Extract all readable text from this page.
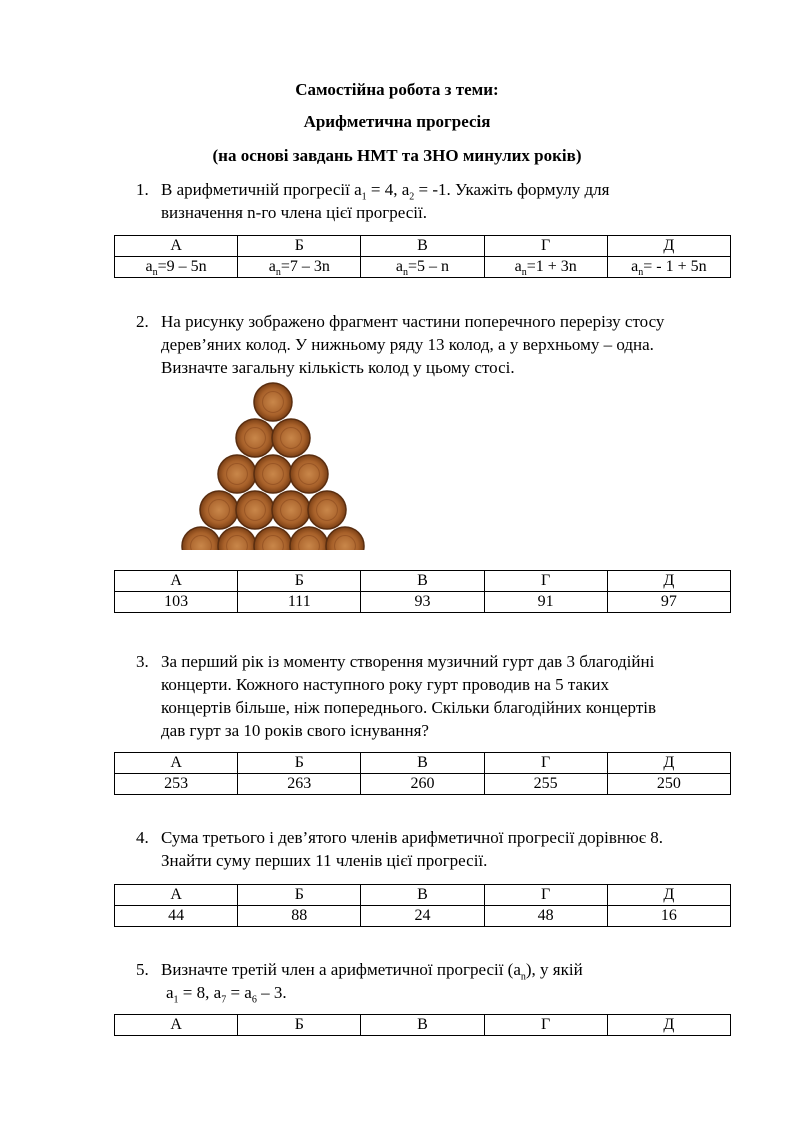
Самостійна робота з теми:
Арифметична прогресія
(на основі завдань НМТ та ЗНО минулих років)
1. В арифметичній прогресії $a_1 = 4$, $a_2 = -1$. Укажіть формулу для
визначення n-го члена цієї прогресії.
А	Б	В	Г	Д
$a_n=9 - 5n$	$a_n=7 - 3n$	$a_n=5 - n$	$a_n=1 + 3n$	$a_n= - 1 + 5n$
2. На рисунку зображено фрагмент частини поперечного перерізу стосу
дерев’яних колод. У нижньому ряду 13 колод, а у верхньому – одна.
Визначте загальну кількість колод у цьому стосі.
А	Б	В	Г	Д
103	111	93	91	97
3. За перший рік із моменту створення музичний гурт дав 3 благодійні
концерти. Кожного наступного року гурт проводив на 5 таких
концертів більше, ніж попереднього. Скільки благодійних концертів
дав гурт за 10 років свого існування?
А	Б	В	Г	Д
253	263	260	255	250
4. Сума третього і дев’ятого членів арифметичної прогресії дорівнює 8.
Знайти суму перших 11 членів цієї прогресії.
А	Б	В	Г	Д
44	88	24	48	16
5. Визначте третій член а арифметичної прогресії $(a_n)$, у якій
$a_1 = 8$, $a_7 = a_6 - 3$.
А	Б	В	Г	Д
